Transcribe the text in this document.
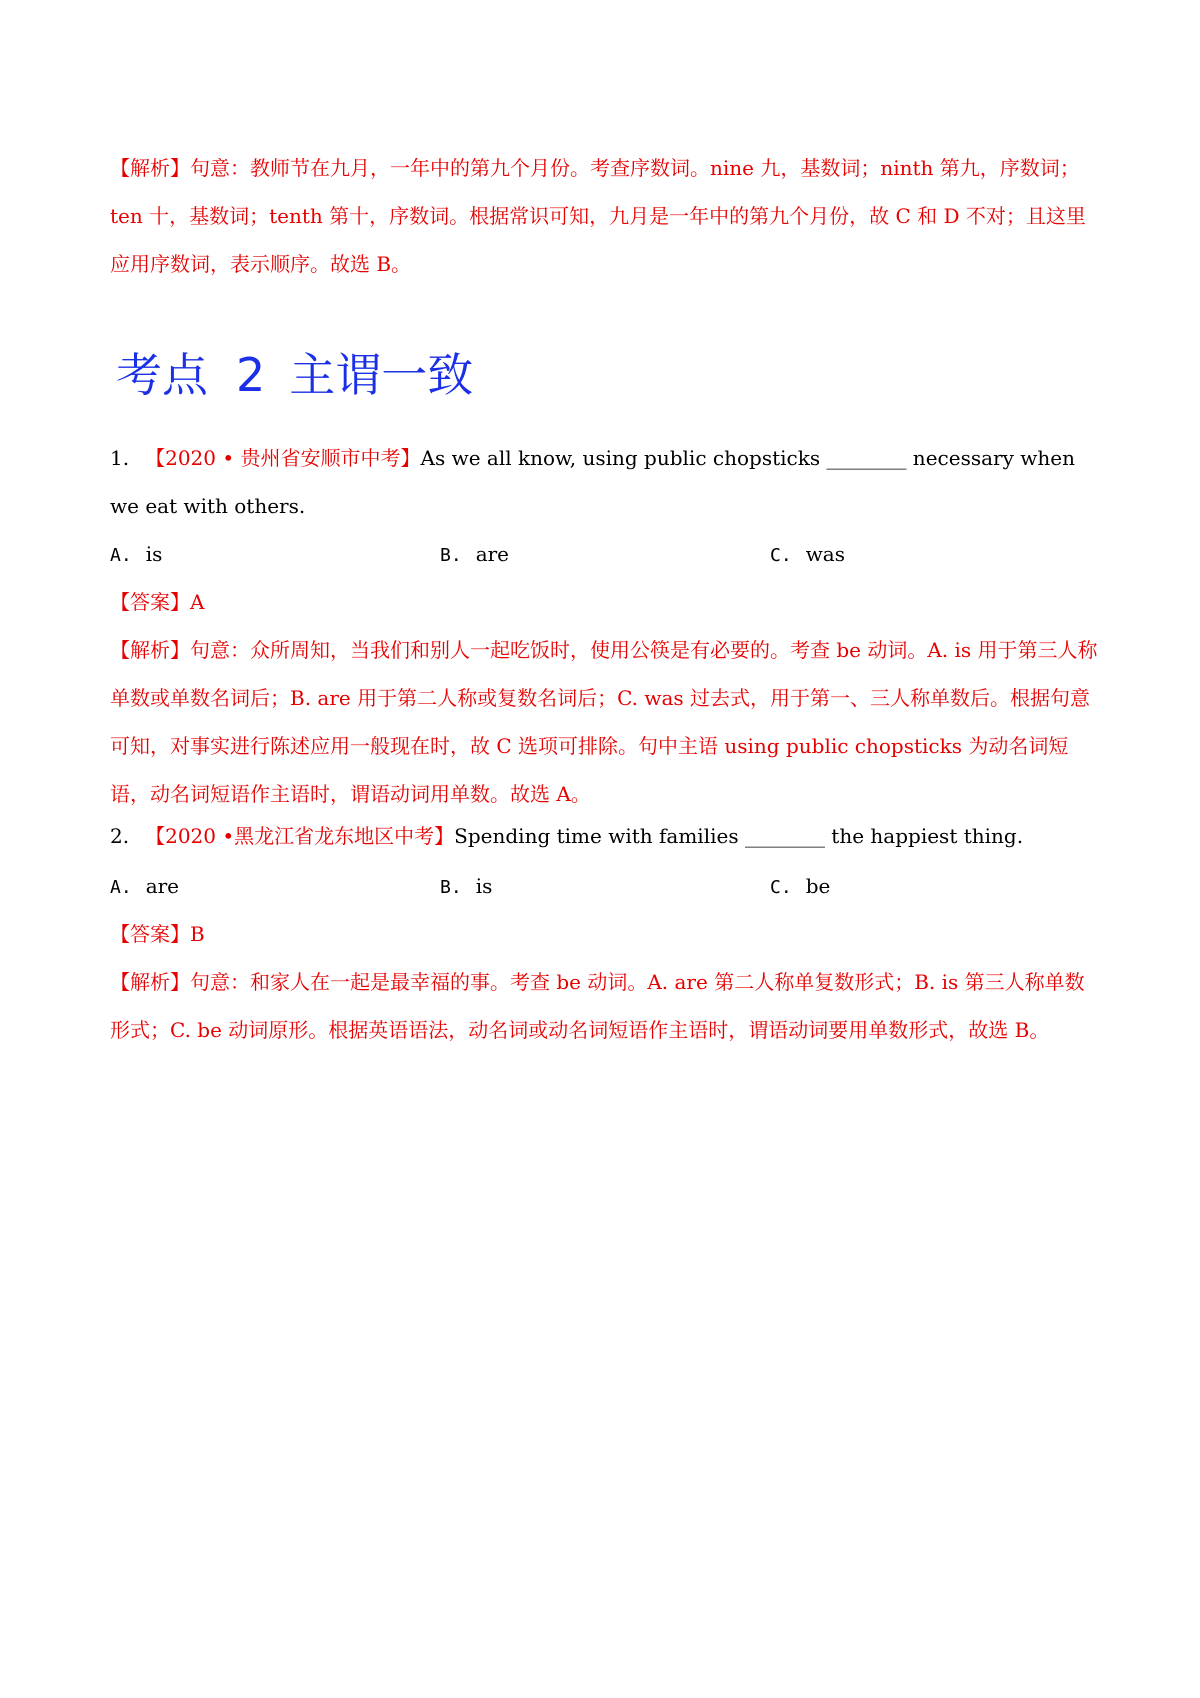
【解析】句意：教师节在九月，一年中的第九个月份。考查序数词。nine 九，基数词；ninth 第九，序数词；ten 十，基数词；tenth 第十，序数词。根据常识可知，九月是一年中的第九个月份，故 C 和 D 不对；且这里应用序数词，表示顺序。故选 B。
考点 2 主谓一致
1. 【2020 • 贵州省安顺市中考】As we all know, using public chopsticks ________ necessary when we eat with others.
A. is	B. are	C. was
【答案】A
【解析】句意：众所周知，当我们和别人一起吃饭时，使用公筷是有必要的。考查 be 动词。A. is 用于第三人称单数或单数名词后；B. are 用于第二人称或复数名词后；C. was 过去式，用于第一、三人称单数后。根据句意可知，对事实进行陈述应用一般现在时，故 C 选项可排除。句中主语 using public chopsticks 为动名词短语，动名词短语作主语时，谓语动词用单数。故选 A。
2. 【2020 •黑龙江省龙东地区中考】Spending time with families ________ the happiest thing.
A. are	B. is	C. be
【答案】B
【解析】句意：和家人在一起是最幸福的事。考查 be 动词。A. are 第二人称单复数形式；B. is 第三人称单数形式；C. be 动词原形。根据英语语法，动名词或动名词短语作主语时，谓语动词要用单数形式，故选 B。
